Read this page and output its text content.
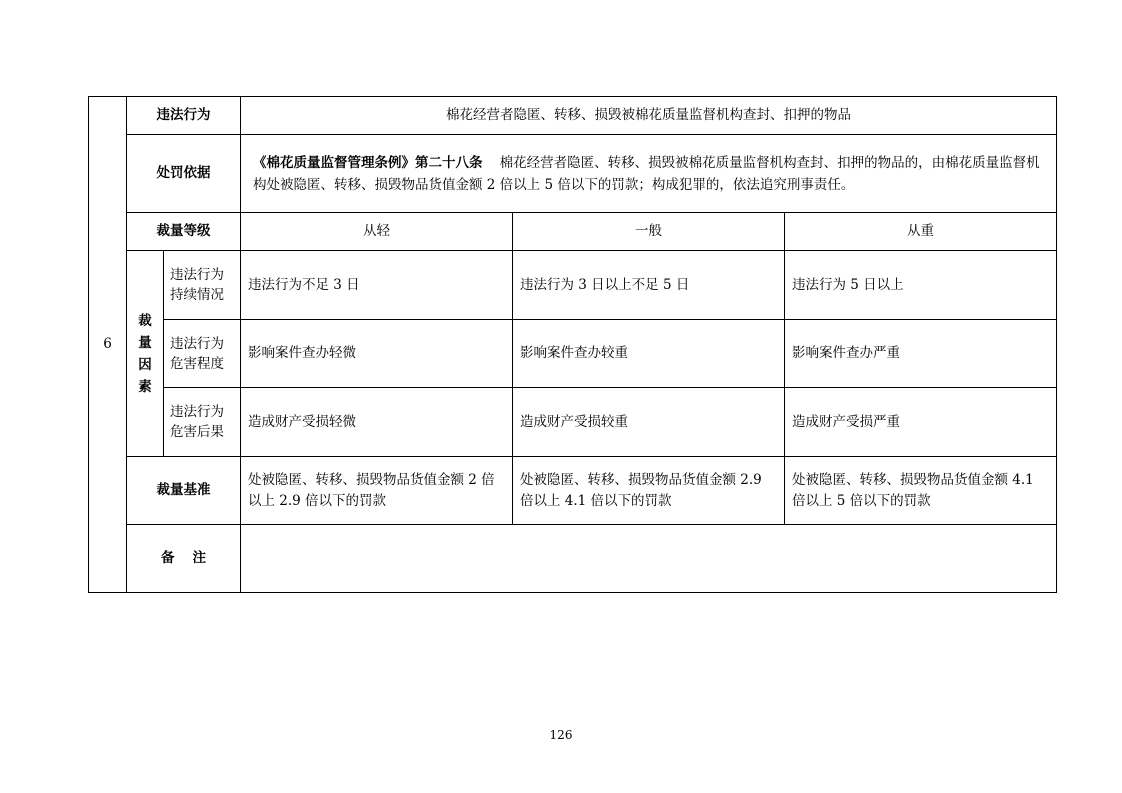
6	违法行为		棉花经营者隐匿、转移、损毁被棉花质量监督机构查封、扣押的物品		
	处罚依据		《棉花质量监督管理条例》第二十八条 棉花经营者隐匿、转移、损毁被棉花质量监督机构查封、扣押的物品的，由棉花质量监督机构处被隐匿、转移、损毁物品货值金额 2 倍以上 5 倍以下的罚款；构成犯罪的，依法追究刑事责任。		
	裁量等级		从轻	一般	从重

	裁量因素	违法行为持续情况	违法行为不足 3 日	违法行为 3 日以上不足 5 日	违法行为 5 日以上

		违法行为危害程度	影响案件查办轻微	影响案件查办较重	影响案件查办严重

		违法行为危害后果	造成财产受损轻微	造成财产受损较重	造成财产受损严重
	裁量基准		处被隐匿、转移、损毁物品货值金额 2 倍以上 2.9 倍以下的罚款	处被隐匿、转移、损毁物品货值金额 2.9 倍以上 4.1 倍以下的罚款	处被隐匿、转移、损毁物品货值金额 4.1 倍以上 5 倍以下的罚款
	备注				
126
